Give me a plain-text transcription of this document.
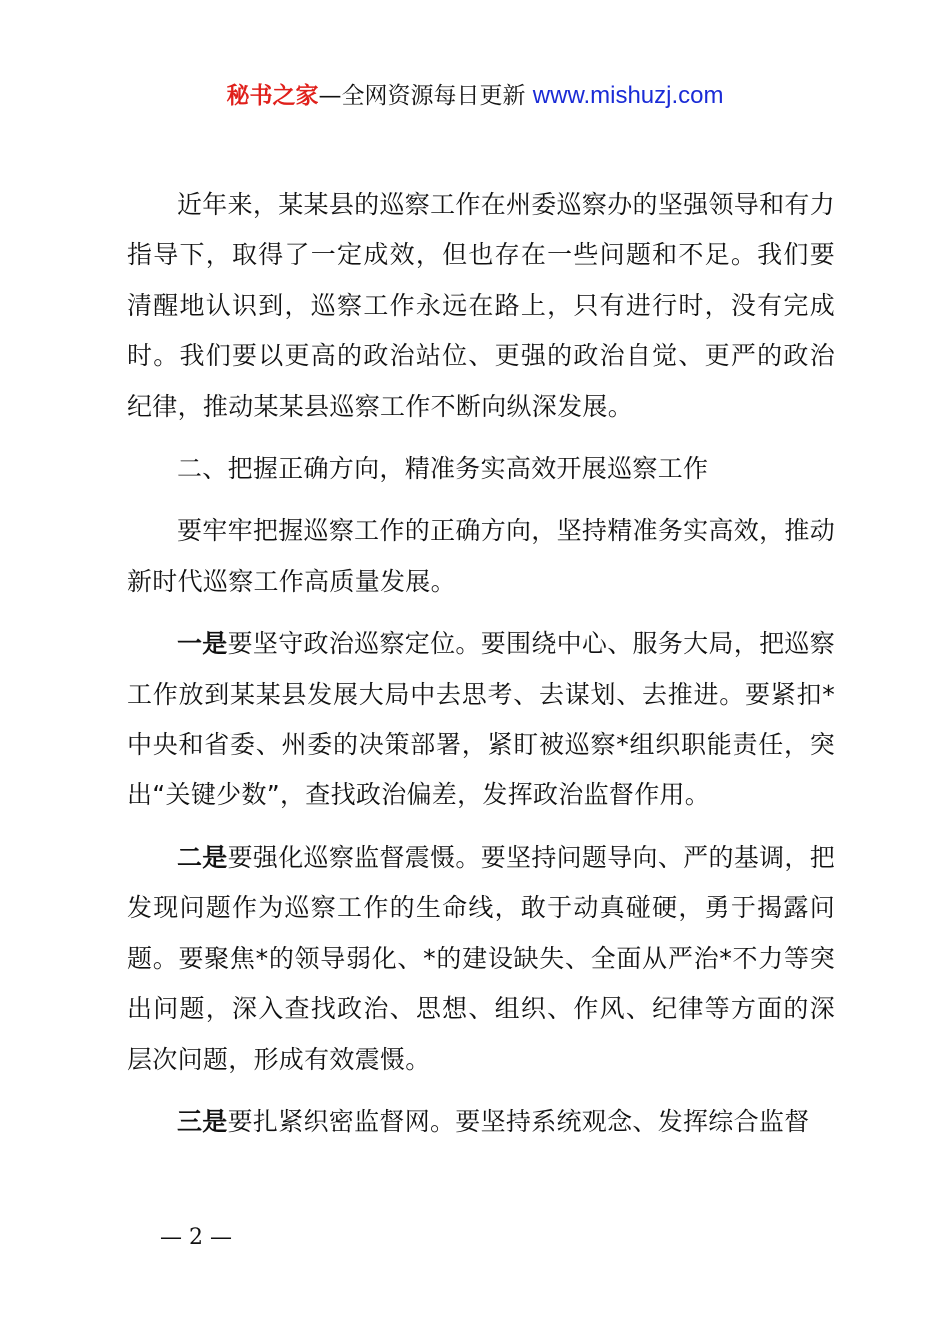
秘书之家—全网资源每日更新 www.mishuzj.com

近年来，某某县的巡察工作在州委巡察办的坚强领导和有力指导下，取得了一定成效，但也存在一些问题和不足。我们要清醒地认识到，巡察工作永远在路上，只有进行时，没有完成时。我们要以更高的政治站位、更强的政治自觉、更严的政治纪律，推动某某县巡察工作不断向纵深发展。

二、把握正确方向，精准务实高效开展巡察工作

要牢牢把握巡察工作的正确方向，坚持精准务实高效，推动新时代巡察工作高质量发展。

一是要坚守政治巡察定位。要围绕中心、服务大局，把巡察工作放到某某县发展大局中去思考、去谋划、去推进。要紧扣*中央和省委、州委的决策部署，紧盯被巡察*组织职能责任，突出“关键少数”，查找政治偏差，发挥政治监督作用。

二是要强化巡察监督震慑。要坚持问题导向、严的基调，把发现问题作为巡察工作的生命线，敢于动真碰硬，勇于揭露问题。要聚焦*的领导弱化、*的建设缺失、全面从严治*不力等突出问题，深入查找政治、思想、组织、作风、纪律等方面的深层次问题，形成有效震慑。

三是要扎紧织密监督网。要坚持系统观念、发挥综合监督

— 2 —
